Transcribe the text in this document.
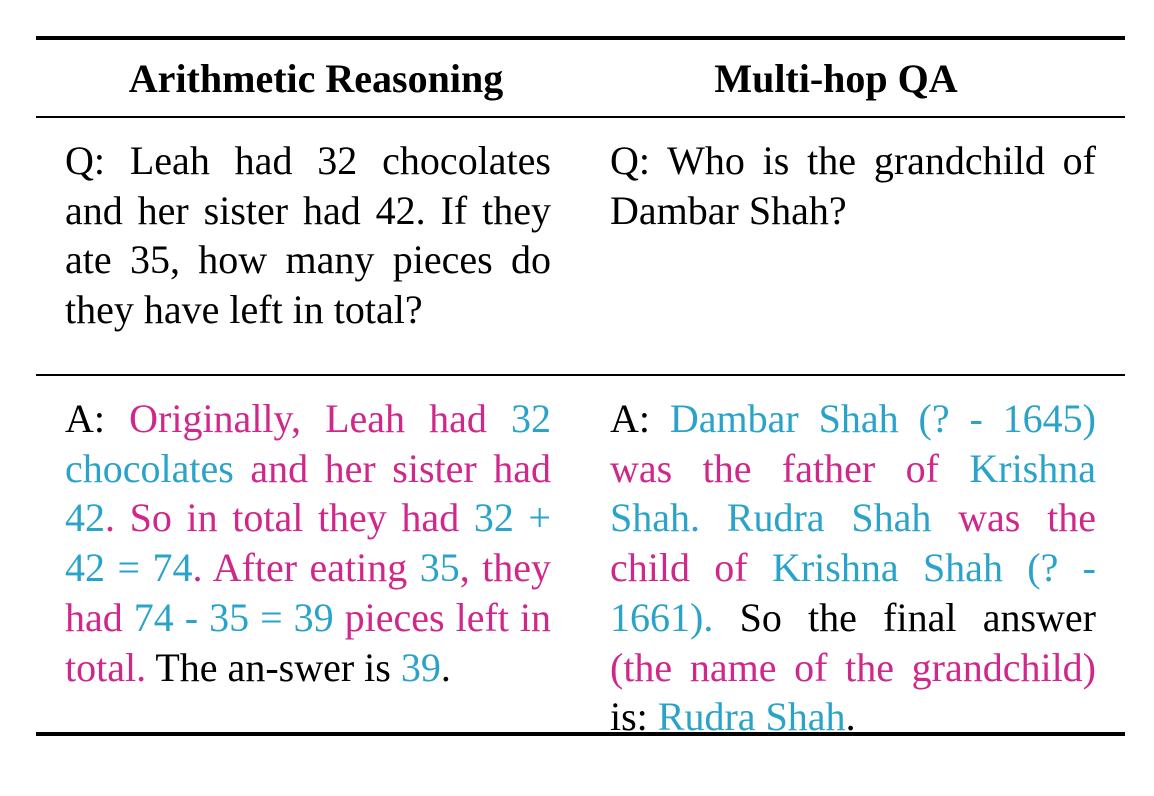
Arithmetic Reasoning	Multi-hop QA
Q: Leah had 32 chocolates and her sister had 42. If they ate 35, how many pieces do they have left in total?
Q: Who is the grandchild of Dambar Shah?
A: Originally, Leah had 32 chocolates and her sister had 42. So in total they had 32 + 42 = 74. After eating 35, they had 74 - 35 = 39 pieces left in total. The an-swer is 39.
A: Dambar Shah (? - 1645) was the father of Krishna Shah. Rudra Shah was the child of Krishna Shah (? - 1661). So the final answer (the name of the grandchild) is: Rudra Shah.
